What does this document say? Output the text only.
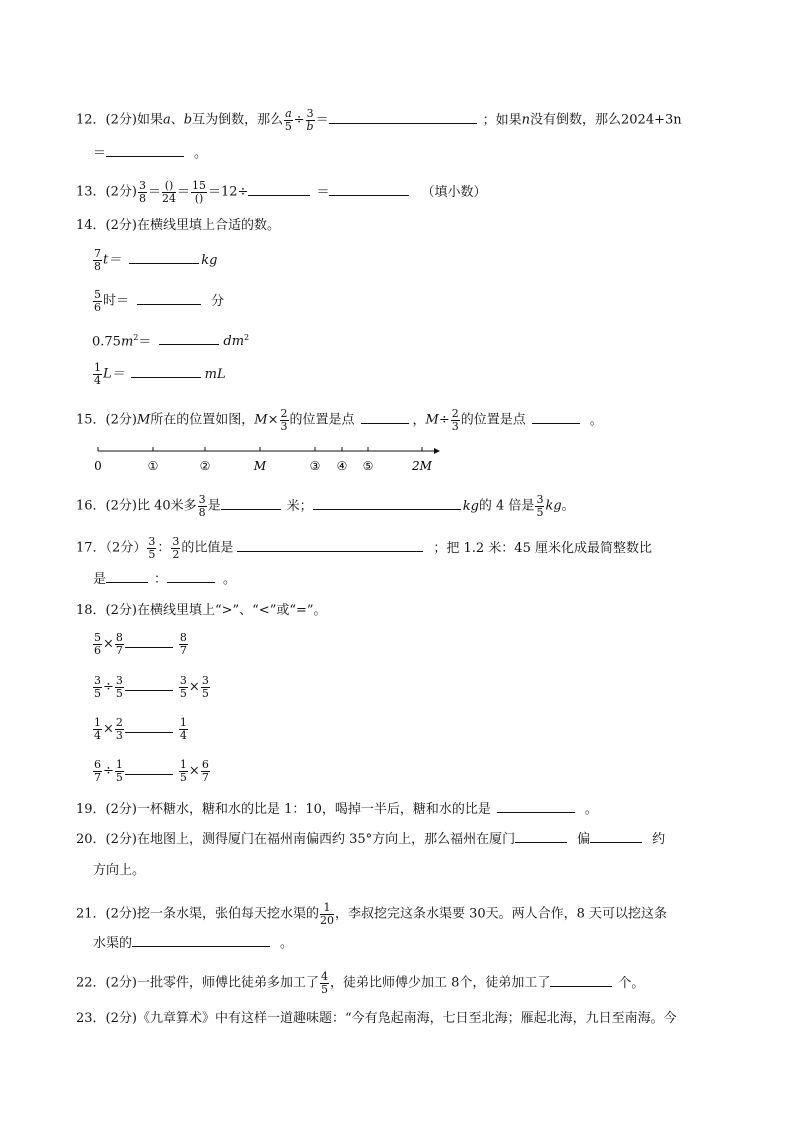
12．(2分)如果a、b互为倒数，那么 $\frac{a}{5} \div \frac{3}{b}$ ＝	；如果n没有倒数，那么2024+3n
＝	。
13．(2分) $\frac{3}{8} = \frac{()}{24} = \frac{15}{()} =12\div$	＝	（填小数）
14．(2分)在横线里填上合适的数。
$\frac{7}{8} t=$	kg
$\frac{5}{6}$ 时＝	分
$0.75m^2=$	$dm^2$
$\frac{1}{4} L=$	mL
15．(2分)M所在的位置如图，$M\times \frac{2}{3}$ 的位置是点	，$M\div \frac{2}{3}$ 的位置是点	。
0	①	②	M	③ ④ ⑤	2M
16．(2分)比 40米多 $\frac{3}{8}$ 是	米；	kg的 4 倍是 $\frac{3}{5}$ kg。
17．（2分） $\frac{3}{5}$ ： $\frac{3}{2}$ 的比值是	；把 1.2 米：45 厘米化成最简整数比
是	：	。
18．(2分)在横线里填上“>”、“<”或“=”。
$\frac{5}{6} \times \frac{8}{7}$	$\frac{8}{7}$
$\frac{3}{5} \div \frac{3}{5}$	$\frac{3}{5} \times \frac{3}{5}$
$\frac{1}{4} \times \frac{2}{3}$	$\frac{1}{4}$
$\frac{6}{7} \div \frac{1}{5}$	$\frac{1}{5} \times \frac{6}{7}$
19．(2分)一杯糖水，糖和水的比是 1：10，喝掉一半后，糖和水的比是	。
20．(2分)在地图上，测得厦门在福州南偏西约 35°方向上，那么福州在厦门	偏	约
方向上。
21．(2分)挖一条水渠，张伯每天挖水渠的 $\frac{1}{20}$ ，李叔挖完这条水渠要 30天。两人合作，8 天可以挖这条
水渠的	。
22．(2分)一批零件，师傅比徒弟多加工了 $\frac{4}{5}$ ，徒弟比师傅少加工 8个，徒弟加工了	个。
23．(2分)《九章算术》中有这样一道趣味题：“今有凫起南海，七日至北海；雁起北海，九日至南海。今
